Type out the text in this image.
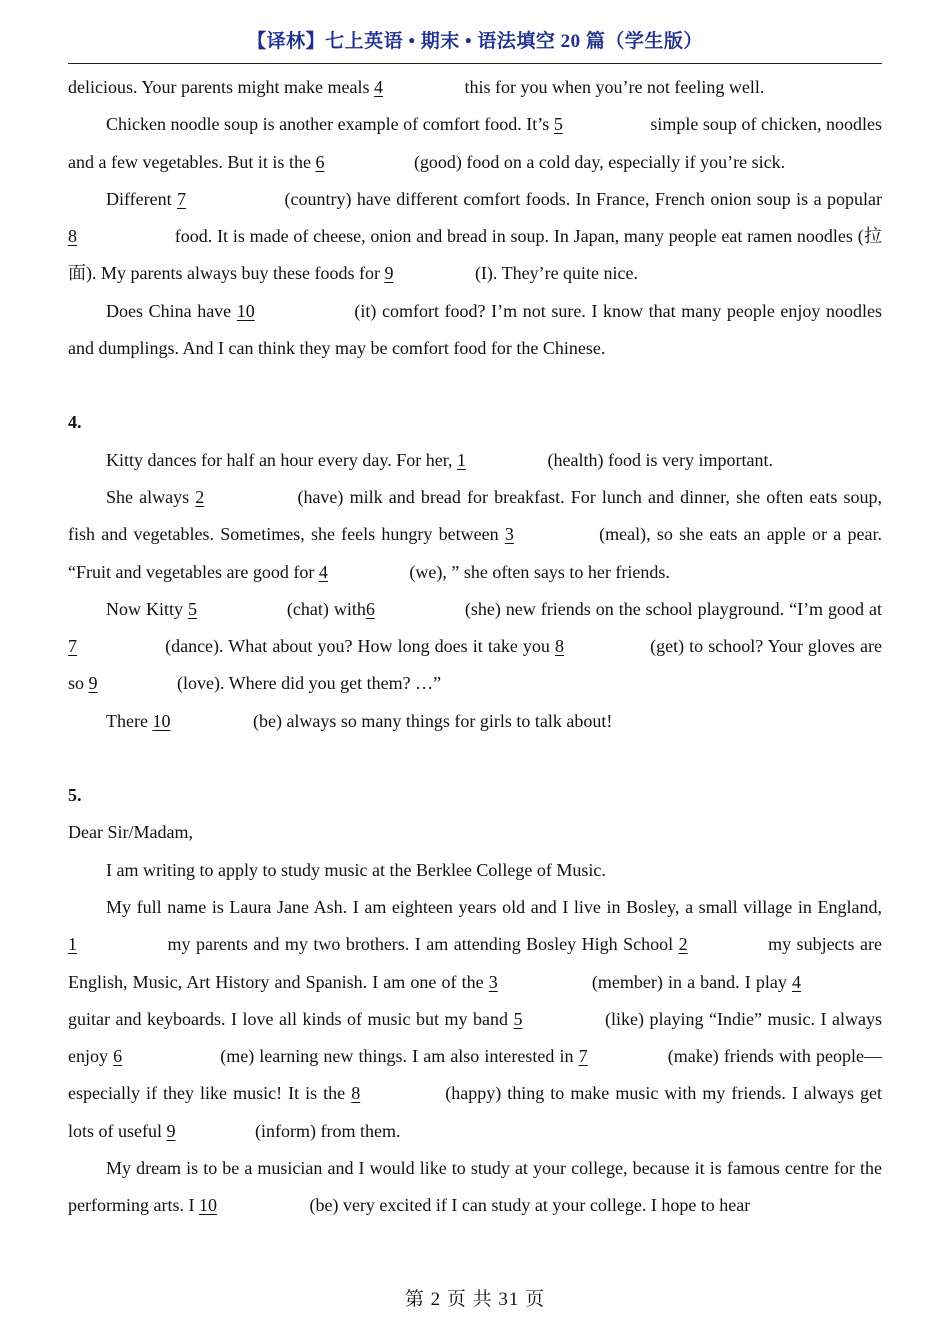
【译林】七上英语 • 期末 • 语法填空 20 篇（学生版）

delicious. Your parents might make meals 4	this for you when you’re not feeling well.

Chicken noodle soup is another example of comfort food. It’s 5	simple soup of chicken, noodles and a few vegetables. But it is the 6	(good) food on a cold day, especially if you’re sick.

Different 7	(country) have different comfort foods. In France, French onion soup is a popular 8	food. It is made of cheese, onion and bread in soup. In Japan, many people eat ramen noodles (拉面). My parents always buy these foods for 9	(I). They’re quite nice.

Does China have 10	(it) comfort food? I’m not sure. I know that many people enjoy noodles and dumplings. And I can think they may be comfort food for the Chinese.

4.

Kitty dances for half an hour every day. For her, 1	(health) food is very important.

She always 2	(have) milk and bread for breakfast. For lunch and dinner, she often eats soup, fish and vegetables. Sometimes, she feels hungry between 3	(meal), so she eats an apple or a pear. “Fruit and vegetables are good for 4	(we), ” she often says to her friends.

Now Kitty 5	(chat) with6	(she) new friends on the school playground. “I’m good at 7	(dance). What about you? How long does it take you 8	(get) to school? Your gloves are so 9	(love). Where did you get them? …”

There 10	(be) always so many things for girls to talk about!

5.

Dear Sir/Madam,

I am writing to apply to study music at the Berklee College of Music.

My full name is Laura Jane Ash. I am eighteen years old and I live in Bosley, a small village in England, 1	my parents and my two brothers. I am attending Bosley High School 2	my subjects are English, Music, Art History and Spanish. I am one of the 3	(member) in a band. I play 4 guitar and keyboards. I love all kinds of music but my band 5	(like) playing “Indie” music. I always enjoy 6	(me) learning new things. I am also interested in 7	(make) friends with people—especially if they like music! It is the 8	(happy) thing to make music with my friends. I always get lots of useful 9	(inform) from them.

My dream is to be a musician and I would like to study at your college, because it is famous centre for the performing arts. I 10	(be) very excited if I can study at your college. I hope to hear

第 2 页 共 31 页
